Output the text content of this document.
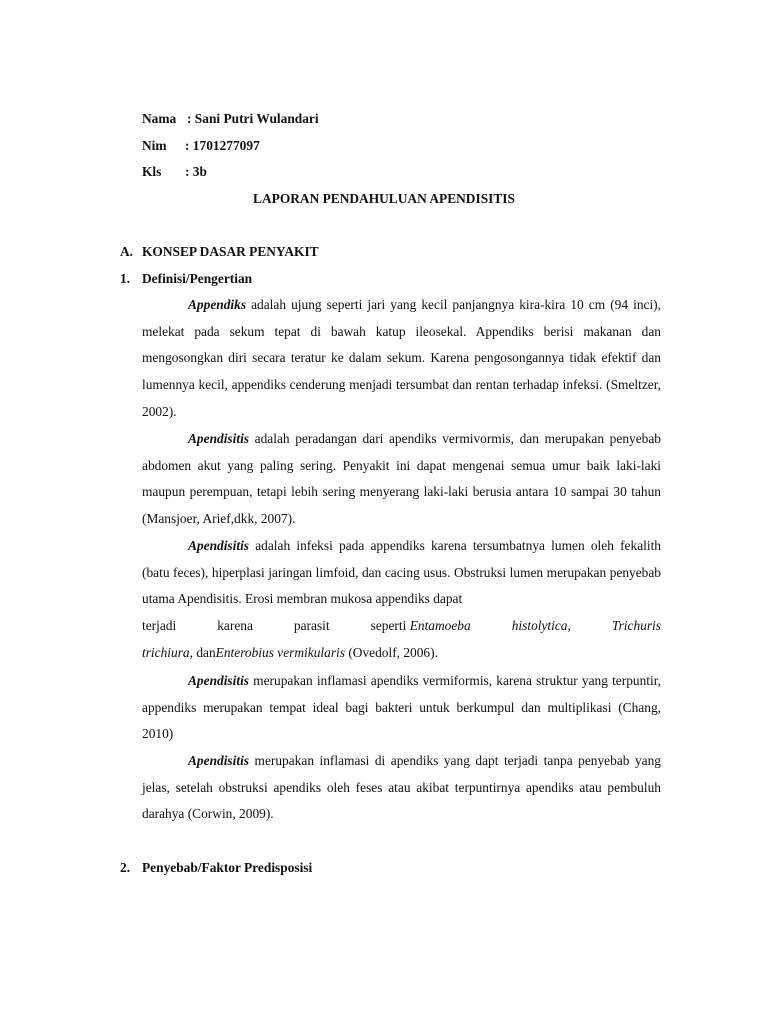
Nama : Sani Putri Wulandari
Nim : 1701277097
Kls : 3b
LAPORAN PENDAHULUAN APENDISITIS
A. KONSEP DASAR PENYAKIT
1. Definisi/Pengertian

Appendiks adalah ujung seperti jari yang kecil panjangnya kira-kira 10 cm (94 inci), melekat pada sekum tepat di bawah katup ileosekal. Appendiks berisi makanan dan mengosongkan diri secara teratur ke dalam sekum. Karena pengosongannya tidak efektif dan lumennya kecil, appendiks cenderung menjadi tersumbat dan rentan terhadap infeksi. (Smeltzer, 2002).

Apendisitis adalah peradangan dari apendiks vermivormis, dan merupakan penyebab abdomen akut yang paling sering. Penyakit ini dapat mengenai semua umur baik laki-laki maupun perempuan, tetapi lebih sering menyerang laki-laki berusia antara 10 sampai 30 tahun (Mansjoer, Arief,dkk, 2007).

Apendisitis adalah infeksi pada appendiks karena tersumbatnya lumen oleh fekalith (batu feces), hiperplasi jaringan limfoid, dan cacing usus. Obstruksi lumen merupakan penyebab utama Apendisitis. Erosi membran mukosa appendiks dapat

terjadi	karena	parasit	seperti Entamoeba	histolytica,	Trichuris
trichiura, danEnterobius vermikularis (Ovedolf, 2006).

Apendisitis merupakan inflamasi apendiks vermiformis, karena struktur yang terpuntir, appendiks merupakan tempat ideal bagi bakteri untuk berkumpul dan multiplikasi (Chang, 2010)

Apendisitis merupakan inflamasi di apendiks yang dapt terjadi tanpa penyebab yang jelas, setelah obstruksi apendiks oleh feses atau akibat terpuntirnya apendiks atau pembuluh darahya (Corwin, 2009).

2. Penyebab/Faktor Predisposisi
